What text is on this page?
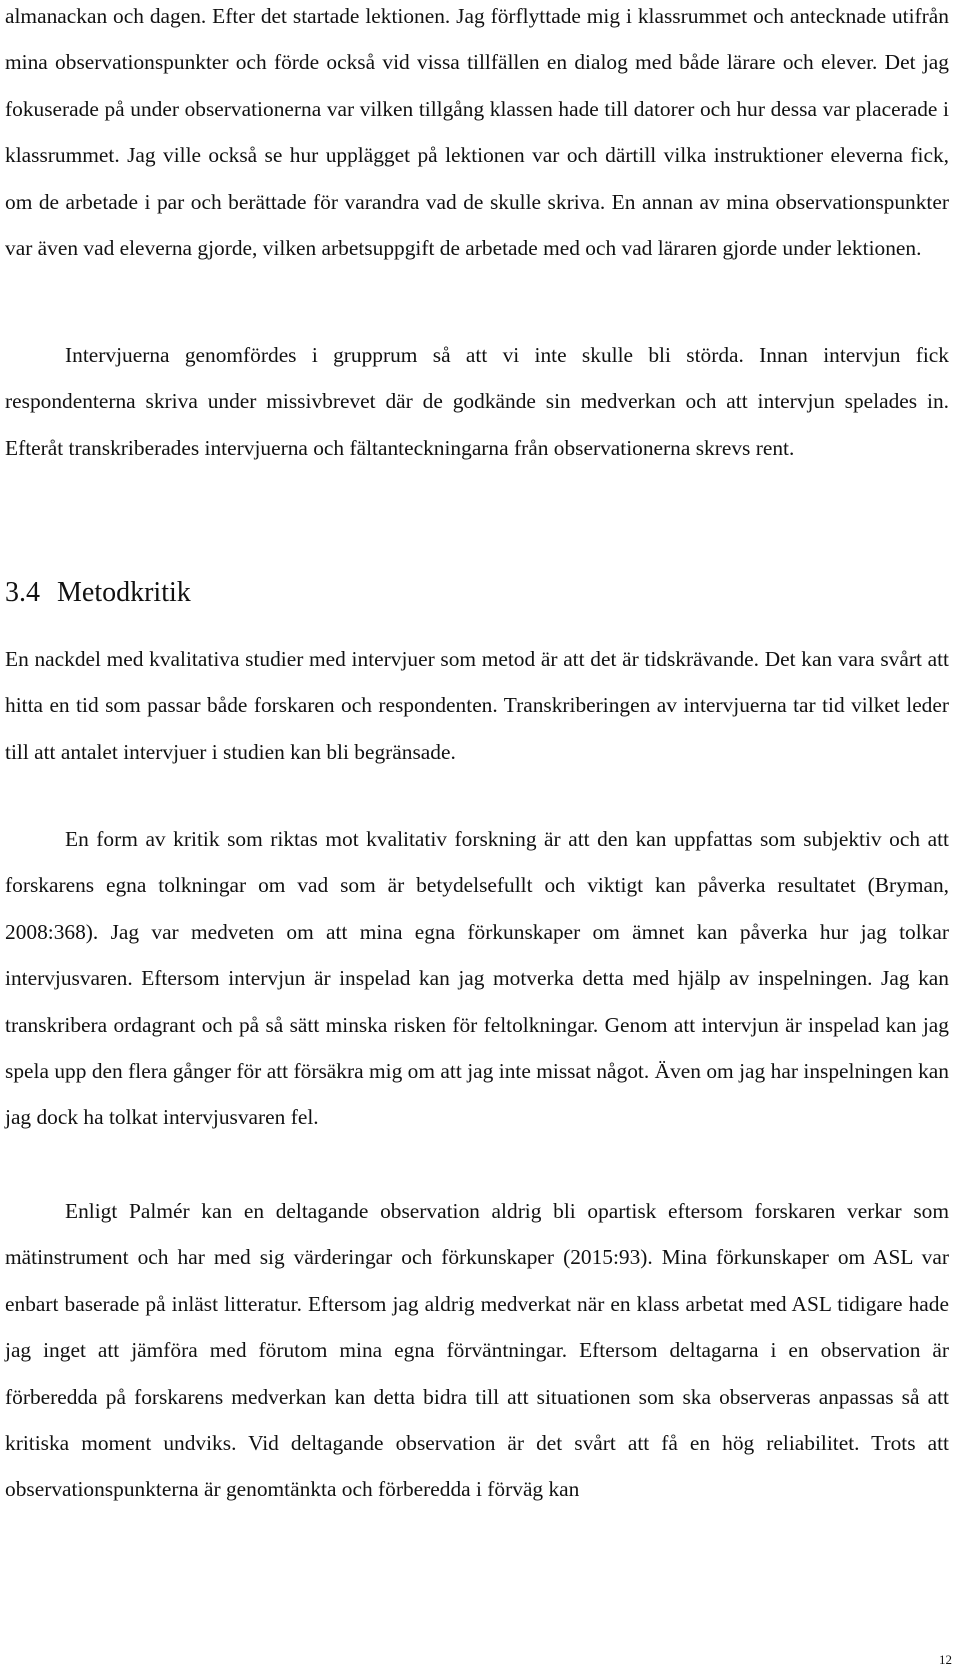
almanackan och dagen. Efter det startade lektionen. Jag förflyttade mig i klassrummet och antecknade utifrån mina observationspunkter och förde också vid vissa tillfällen en dialog med både lärare och elever. Det jag fokuserade på under observationerna var vilken tillgång klassen hade till datorer och hur dessa var placerade i klassrummet. Jag ville också se hur upplägget på lektionen var och därtill vilka instruktioner eleverna fick, om de arbetade i par och berättade för varandra vad de skulle skriva. En annan av mina observationspunkter var även vad eleverna gjorde, vilken arbetsuppgift de arbetade med och vad läraren gjorde under lektionen.

Intervjuerna genomfördes i grupprum så att vi inte skulle bli störda. Innan intervjun fick respondenterna skriva under missivbrevet där de godkände sin medverkan och att intervjun spelades in. Efteråt transkriberades intervjuerna och fältanteckningarna från observationerna skrevs rent.

3.4 Metodkritik

En nackdel med kvalitativa studier med intervjuer som metod är att det är tidskrävande. Det kan vara svårt att hitta en tid som passar både forskaren och respondenten. Transkriberingen av intervjuerna tar tid vilket leder till att antalet intervjuer i studien kan bli begränsade.

En form av kritik som riktas mot kvalitativ forskning är att den kan uppfattas som subjektiv och att forskarens egna tolkningar om vad som är betydelsefullt och viktigt kan påverka resultatet (Bryman, 2008:368). Jag var medveten om att mina egna förkunskaper om ämnet kan påverka hur jag tolkar intervjusvaren. Eftersom intervjun är inspelad kan jag motverka detta med hjälp av inspelningen. Jag kan transkribera ordagrant och på så sätt minska risken för feltolkningar. Genom att intervjun är inspelad kan jag spela upp den flera gånger för att försäkra mig om att jag inte missat något. Även om jag har inspelningen kan jag dock ha tolkat intervjusvaren fel.

Enligt Palmér kan en deltagande observation aldrig bli opartisk eftersom forskaren verkar som mätinstrument och har med sig värderingar och förkunskaper (2015:93). Mina förkunskaper om ASL var enbart baserade på inläst litteratur. Eftersom jag aldrig medverkat när en klass arbetat med ASL tidigare hade jag inget att jämföra med förutom mina egna förväntningar. Eftersom deltagarna i en observation är förberedda på forskarens medverkan kan detta bidra till att situationen som ska observeras anpassas så att kritiska moment undviks. Vid deltagande observation är det svårt att få en hög reliabilitet. Trots att observationspunkterna är genomtänkta och förberedda i förväg kan

12
